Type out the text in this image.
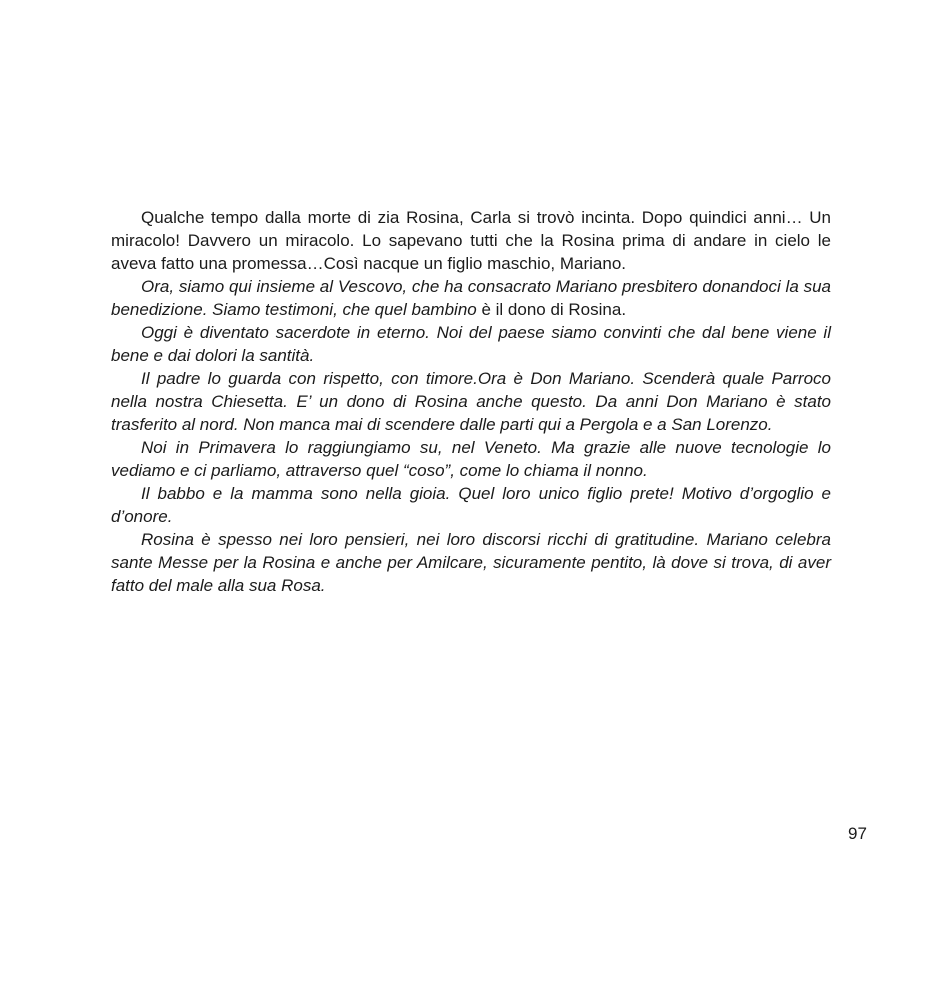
Qualche tempo dalla morte di zia Rosina, Carla si trovò incinta. Dopo quindici anni… Un miracolo! Davvero un miracolo. Lo sapevano tutti che la Rosina prima di andare in cielo le aveva fatto una promessa…Così nacque un figlio maschio, Mariano.

Ora, siamo qui insieme al Vescovo, che ha consacrato Mariano presbitero donandoci la sua benedizione. Siamo testimoni, che quel bambino è il dono di Rosina.

Oggi è diventato sacerdote in eterno. Noi del paese siamo convinti che dal bene viene il bene e dai dolori la santità.

Il padre lo guarda con rispetto, con timore.Ora è Don Mariano. Scenderà quale Parroco nella nostra Chiesetta. E’ un dono di Rosina anche questo. Da anni Don Mariano è stato trasferito al nord. Non manca mai di scendere dalle parti qui a Pergola e a San Lorenzo.

Noi in Primavera lo raggiungiamo su, nel Veneto. Ma grazie alle nuove tecnologie lo vediamo e ci parliamo, attraverso quel “coso”, come lo chiama il nonno.

Il babbo e la mamma sono nella gioia. Quel loro unico figlio prete! Motivo d’orgoglio e d’onore.

Rosina è spesso nei loro pensieri, nei loro discorsi ricchi di gratitudine. Mariano celebra sante Messe per la Rosina e anche per Amilcare, sicuramente pentito, là dove si trova, di aver fatto del male alla sua Rosa.

97
